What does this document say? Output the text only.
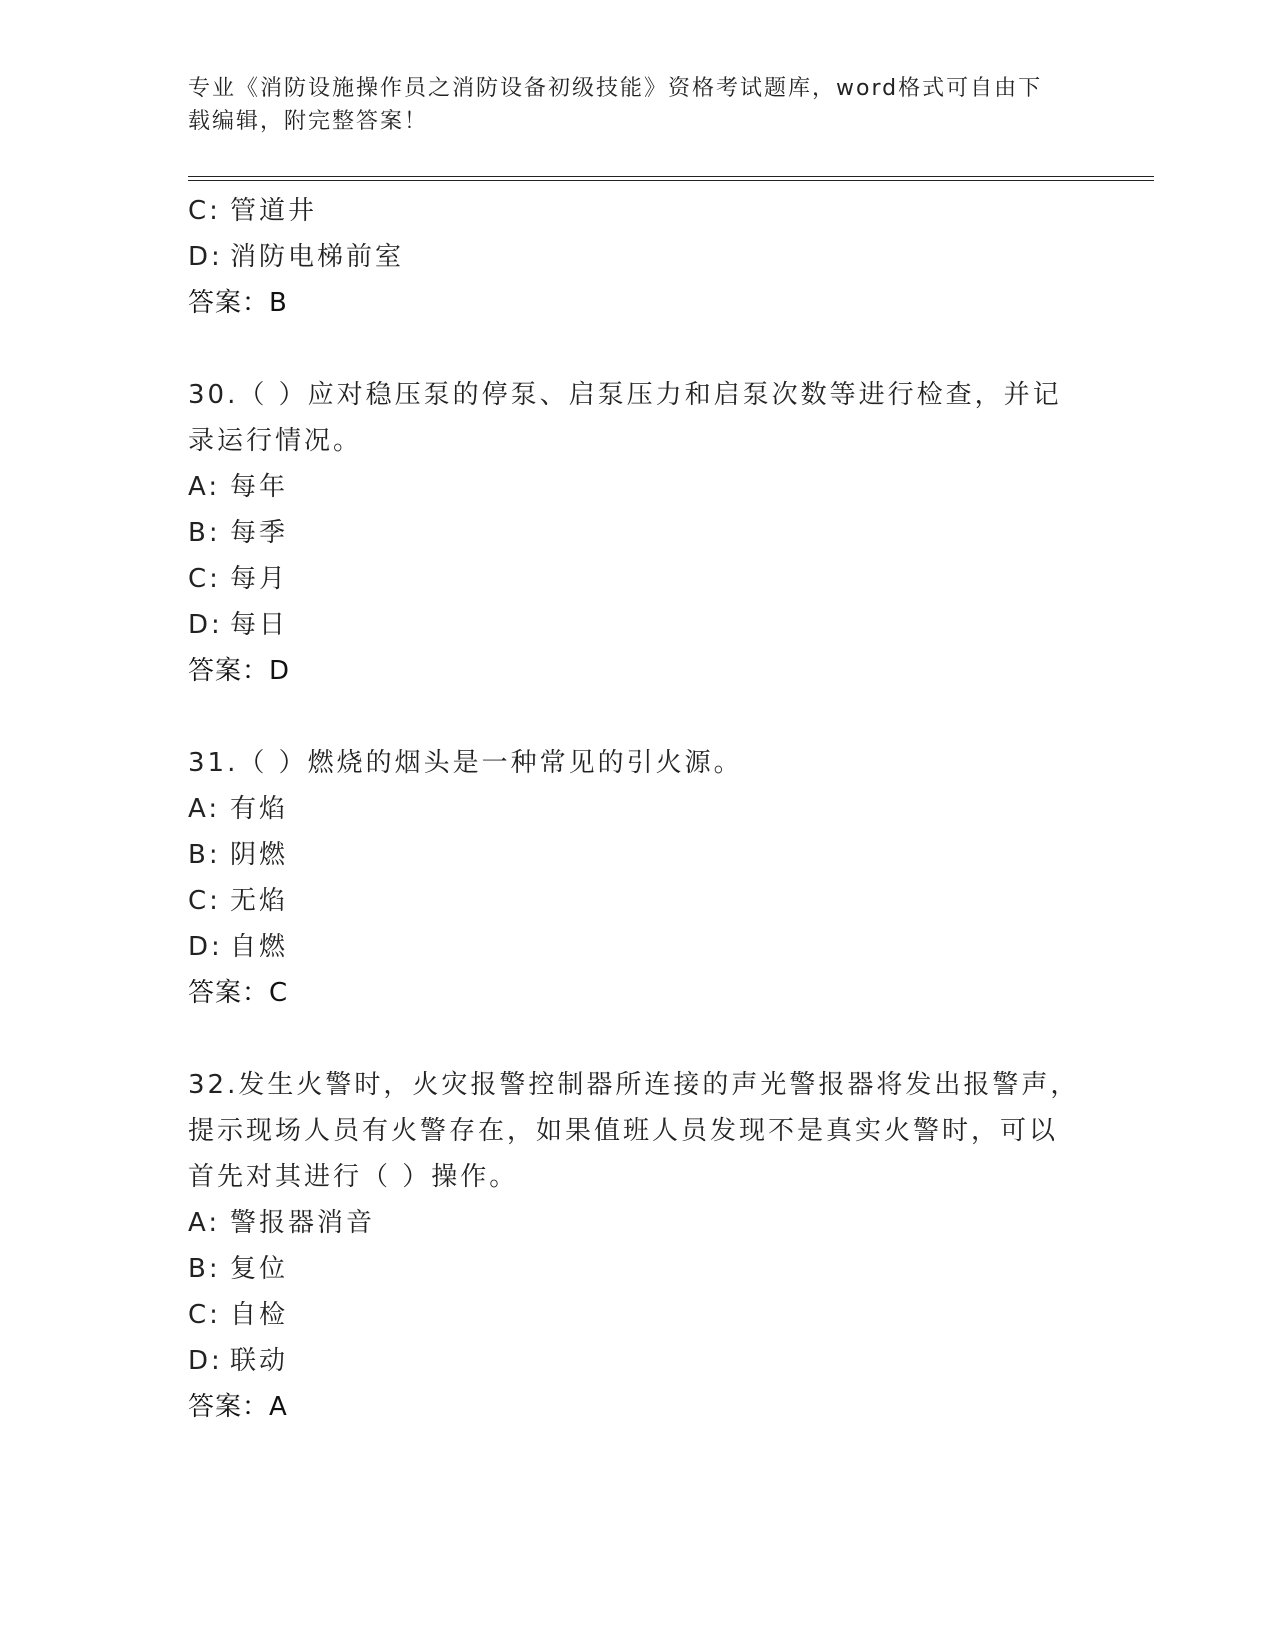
专业《消防设施操作员之消防设备初级技能》资格考试题库，word格式可自由下
载编辑，附完整答案！
C: 管道井
D: 消防电梯前室
答案：B
30.（ ）应对稳压泵的停泵、启泵压力和启泵次数等进行检查，并记
录运行情况。
A: 每年
B: 每季
C: 每月
D: 每日
答案：D
31.（ ）燃烧的烟头是一种常见的引火源。
A: 有焰
B: 阴燃
C: 无焰
D: 自燃
答案：C
32.发生火警时，火灾报警控制器所连接的声光警报器将发出报警声，
提示现场人员有火警存在，如果值班人员发现不是真实火警时，可以
首先对其进行（ ）操作。
A: 警报器消音
B: 复位
C: 自检
D: 联动
答案：A
